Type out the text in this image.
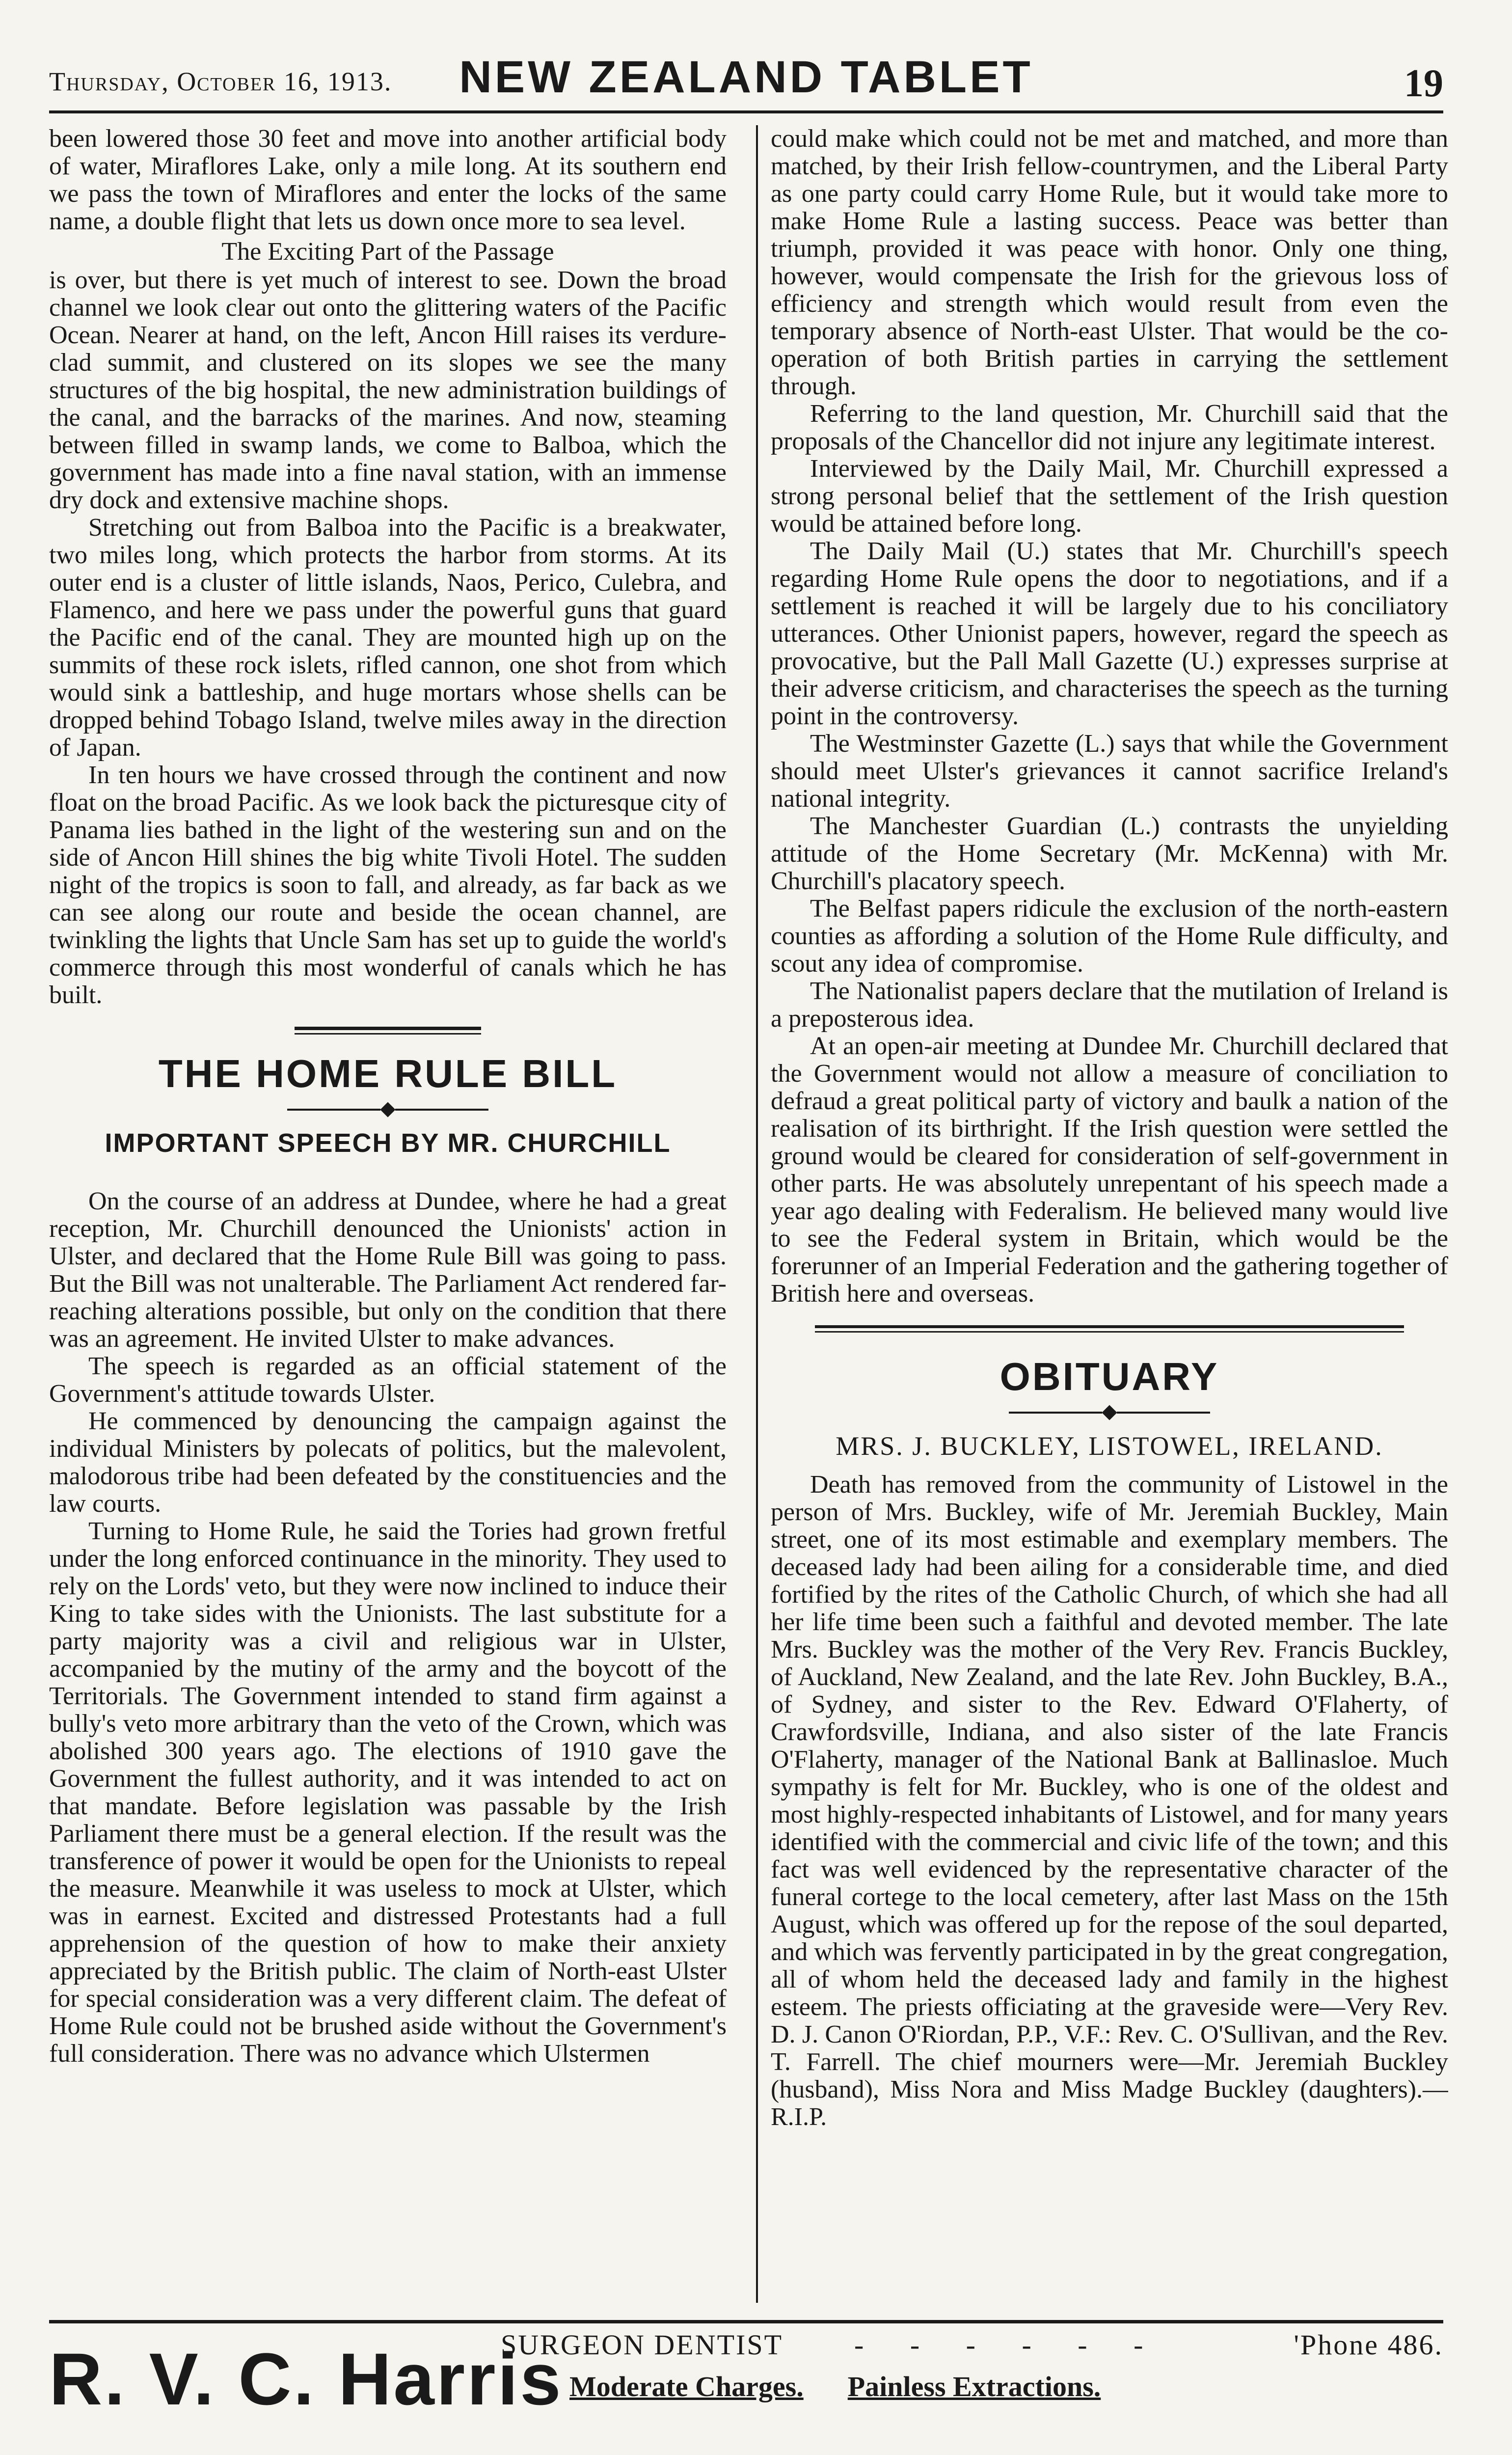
Thursday, October 16, 1913.	NEW ZEALAND TABLET	19

been lowered those 30 feet and move into another artificial body of water, Miraflores Lake, only a mile long. At its southern end we pass the town of Miraflores and enter the locks of the same name, a double flight that lets us down once more to sea level.

The Exciting Part of the Passage

is over, but there is yet much of interest to see. Down the broad channel we look clear out onto the glittering waters of the Pacific Ocean. Nearer at hand, on the left, Ancon Hill raises its verdure-clad summit, and clustered on its slopes we see the many structures of the big hospital, the new administration buildings of the canal, and the barracks of the marines. And now, steaming between filled in swamp lands, we come to Balboa, which the government has made into a fine naval station, with an immense dry dock and extensive machine shops.

Stretching out from Balboa into the Pacific is a breakwater, two miles long, which protects the harbor from storms. At its outer end is a cluster of little islands, Naos, Perico, Culebra, and Flamenco, and here we pass under the powerful guns that guard the Pacific end of the canal. They are mounted high up on the summits of these rock islets, rifled cannon, one shot from which would sink a battleship, and huge mortars whose shells can be dropped behind Tobago Island, twelve miles away in the direction of Japan.

In ten hours we have crossed through the continent and now float on the broad Pacific. As we look back the picturesque city of Panama lies bathed in the light of the westering sun and on the side of Ancon Hill shines the big white Tivoli Hotel. The sudden night of the tropics is soon to fall, and already, as far back as we can see along our route and beside the ocean channel, are twinkling the lights that Uncle Sam has set up to guide the world's commerce through this most wonderful of canals which he has built.

THE HOME RULE BILL
IMPORTANT SPEECH BY MR. CHURCHILL

On the course of an address at Dundee, where he had a great reception, Mr. Churchill denounced the Unionists' action in Ulster, and declared that the Home Rule Bill was going to pass. But the Bill was not unalterable. The Parliament Act rendered far-reaching alterations possible, but only on the condition that there was an agreement. He invited Ulster to make advances.

The speech is regarded as an official statement of the Government's attitude towards Ulster.

He commenced by denouncing the campaign against the individual Ministers by polecats of politics, but the malevolent, malodorous tribe had been defeated by the constituencies and the law courts.

Turning to Home Rule, he said the Tories had grown fretful under the long enforced continuance in the minority. They used to rely on the Lords' veto, but they were now inclined to induce their King to take sides with the Unionists. The last substitute for a party majority was a civil and religious war in Ulster, accompanied by the mutiny of the army and the boycott of the Territorials. The Government intended to stand firm against a bully's veto more arbitrary than the veto of the Crown, which was abolished 300 years ago. The elections of 1910 gave the Government the fullest authority, and it was intended to act on that mandate. Before legislation was passable by the Irish Parliament there must be a general election. If the result was the transference of power it would be open for the Unionists to repeal the measure. Meanwhile it was useless to mock at Ulster, which was in earnest. Excited and distressed Protestants had a full apprehension of the question of how to make their anxiety appreciated by the British public. The claim of North-east Ulster for special consideration was a very different claim. The defeat of Home Rule could not be brushed aside without the Government's full consideration. There was no advance which Ulstermen

could make which could not be met and matched, and more than matched, by their Irish fellow-countrymen, and the Liberal Party as one party could carry Home Rule, but it would take more to make Home Rule a lasting success. Peace was better than triumph, provided it was peace with honor. Only one thing, however, would compensate the Irish for the grievous loss of efficiency and strength which would result from even the temporary absence of North-east Ulster. That would be the co-operation of both British parties in carrying the settlement through.

Referring to the land question, Mr. Churchill said that the proposals of the Chancellor did not injure any legitimate interest.

Interviewed by the Daily Mail, Mr. Churchill expressed a strong personal belief that the settlement of the Irish question would be attained before long.

The Daily Mail (U.) states that Mr. Churchill's speech regarding Home Rule opens the door to negotiations, and if a settlement is reached it will be largely due to his conciliatory utterances. Other Unionist papers, however, regard the speech as provocative, but the Pall Mall Gazette (U.) expresses surprise at their adverse criticism, and characterises the speech as the turning point in the controversy.

The Westminster Gazette (L.) says that while the Government should meet Ulster's grievances it cannot sacrifice Ireland's national integrity.

The Manchester Guardian (L.) contrasts the unyielding attitude of the Home Secretary (Mr. McKenna) with Mr. Churchill's placatory speech.

The Belfast papers ridicule the exclusion of the north-eastern counties as affording a solution of the Home Rule difficulty, and scout any idea of compromise.

The Nationalist papers declare that the mutilation of Ireland is a preposterous idea.

At an open-air meeting at Dundee Mr. Churchill declared that the Government would not allow a measure of conciliation to defraud a great political party of victory and baulk a nation of the realisation of its birthright. If the Irish question were settled the ground would be cleared for consideration of self-government in other parts. He was absolutely unrepentant of his speech made a year ago dealing with Federalism. He believed many would live to see the Federal system in Britain, which would be the forerunner of an Imperial Federation and the gathering together of British here and overseas.

OBITUARY
MRS. J. BUCKLEY, LISTOWEL, IRELAND.

Death has removed from the community of Listowel in the person of Mrs. Buckley, wife of Mr. Jeremiah Buckley, Main street, one of its most estimable and exemplary members. The deceased lady had been ailing for a considerable time, and died fortified by the rites of the Catholic Church, of which she had all her life time been such a faithful and devoted member. The late Mrs. Buckley was the mother of the Very Rev. Francis Buckley, of Auckland, New Zealand, and the late Rev. John Buckley, B.A., of Sydney, and sister to the Rev. Edward O'Flaherty, of Crawfordsville, Indiana, and also sister of the late Francis O'Flaherty, manager of the National Bank at Ballinasloe. Much sympathy is felt for Mr. Buckley, who is one of the oldest and most highly-respected inhabitants of Listowel, and for many years identified with the commercial and civic life of the town; and this fact was well evidenced by the representative character of the funeral cortege to the local cemetery, after last Mass on the 15th August, which was offered up for the repose of the soul departed, and which was fervently participated in by the great congregation, all of whom held the deceased lady and family in the highest esteem. The priests officiating at the graveside were—Very Rev. D. J. Canon O'Riordan, P.P., V.F.: Rev. C. O'Sullivan, and the Rev. T. Farrell. The chief mourners were—Mr. Jeremiah Buckley (husband), Miss Nora and Miss Madge Buckley (daughters).—R.I.P.

R. V. C. Harris
SURGEON DENTIST - - - - - -	'Phone 486.
Moderate Charges. Painless Extractions.
